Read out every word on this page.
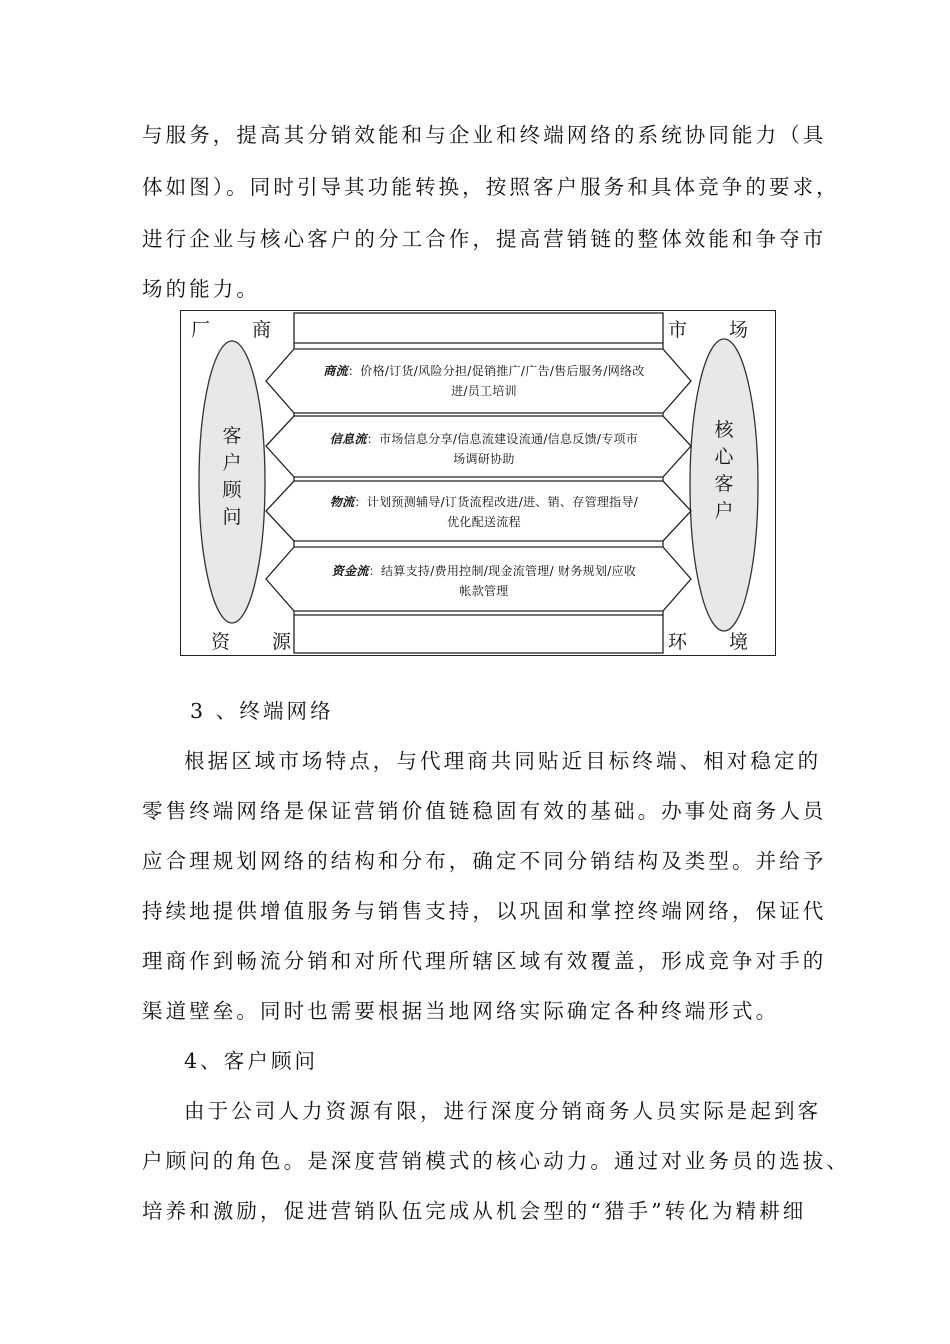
与服务，提高其分销效能和与企业和终端网络的系统协同能力（具
体如图）。同时引导其功能转换，按照客户服务和具体竞争的要求，
进行企业与核心客户的分工合作，提高营销链的整体效能和争夺市
场的能力。
厂 商	市 场
资 源	环 境
客户顾问
核心客户
商流：价格/订货/风险分担/促销推广/广告/售后服务/网络改
进/员工培训
信息流：市场信息分享/信息流建设流通/信息反馈/专项市
场调研协助
物流：计划预测辅导/订货流程改进/进、销、存管理指导/
优化配送流程
资金流：结算支持/费用控制/现金流管理/ 财务规划/应收
帐款管理
3 、终端网络
根据区域市场特点，与代理商共同贴近目标终端、相对稳定的
零售终端网络是保证营销价值链稳固有效的基础。办事处商务人员
应合理规划网络的结构和分布，确定不同分销结构及类型。并给予
持续地提供增值服务与销售支持，以巩固和掌控终端网络，保证代
理商作到畅流分销和对所代理所辖区域有效覆盖，形成竞争对手的
渠道壁垒。同时也需要根据当地网络实际确定各种终端形式。
4、客户顾问
由于公司人力资源有限，进行深度分销商务人员实际是起到客
户顾问的角色。是深度营销模式的核心动力。通过对业务员的选拔、
培养和激励，促进营销队伍完成从机会型的“猎手”转化为精耕细
